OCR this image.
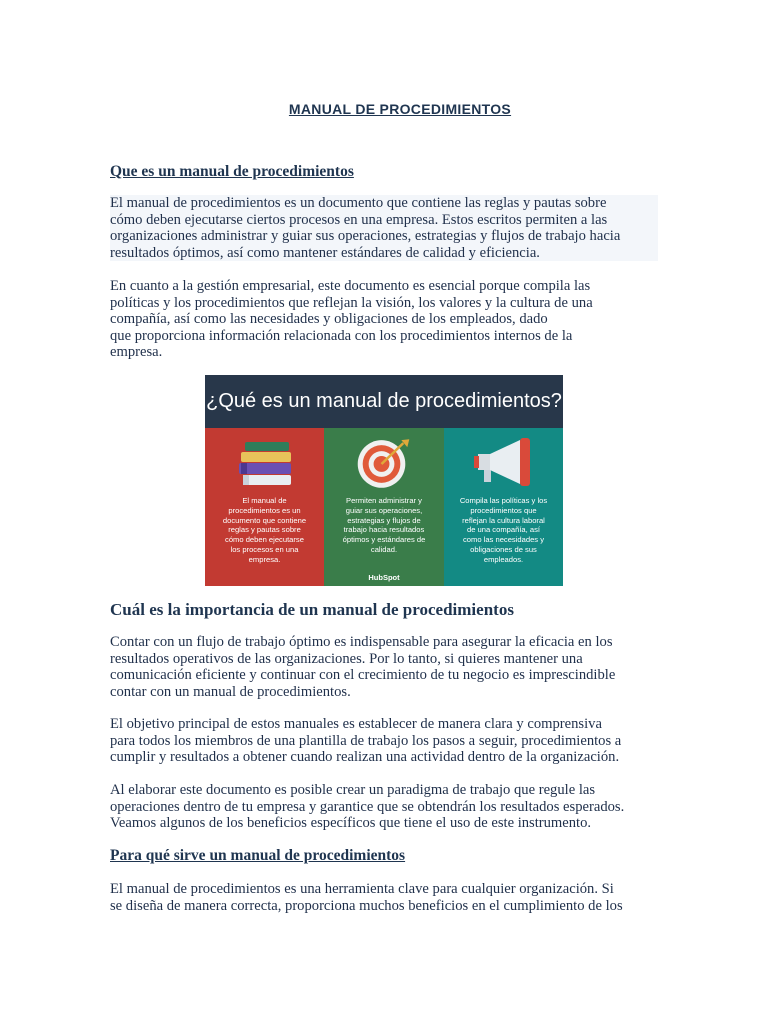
MANUAL DE PROCEDIMIENTOS
Que es un manual de procedimientos
El manual de procedimientos es un documento que contiene las reglas y pautas sobre
cómo deben ejecutarse ciertos procesos en una empresa. Estos escritos permiten a las
organizaciones administrar y guiar sus operaciones, estrategias y flujos de trabajo hacia
resultados óptimos, así como mantener estándares de calidad y eficiencia.
En cuanto a la gestión empresarial, este documento es esencial porque compila las
políticas y los procedimientos que reflejan la visión, los valores y la cultura de una
compañía, así como las necesidades y obligaciones de los empleados, dado
que proporciona información relacionada con los procedimientos internos de la
empresa.
¿Qué es un manual de procedimientos?
El manual de
procedimientos es un
documento que contiene
reglas y pautas sobre
cómo deben ejecutarse
los procesos en una
empresa.
Permiten administrar y
guiar sus operaciones,
estrategias y flujos de
trabajo hacia resultados
óptimos y estándares de
calidad.
HubSpot
Compila las políticas y los
procedimientos que
reflejan la cultura laboral
de una compañía, así
como las necesidades y
obligaciones de sus
empleados.
Cuál es la importancia de un manual de procedimientos
Contar con un flujo de trabajo óptimo es indispensable para asegurar la eficacia en los
resultados operativos de las organizaciones. Por lo tanto, si quieres mantener una
comunicación eficiente y continuar con el crecimiento de tu negocio es imprescindible
contar con un manual de procedimientos.
El objetivo principal de estos manuales es establecer de manera clara y comprensiva
para todos los miembros de una plantilla de trabajo los pasos a seguir, procedimientos a
cumplir y resultados a obtener cuando realizan una actividad dentro de la organización.
Al elaborar este documento es posible crear un paradigma de trabajo que regule las
operaciones dentro de tu empresa y garantice que se obtendrán los resultados esperados.
Veamos algunos de los beneficios específicos que tiene el uso de este instrumento.
Para qué sirve un manual de procedimientos
El manual de procedimientos es una herramienta clave para cualquier organización. Si
se diseña de manera correcta, proporciona muchos beneficios en el cumplimiento de los
